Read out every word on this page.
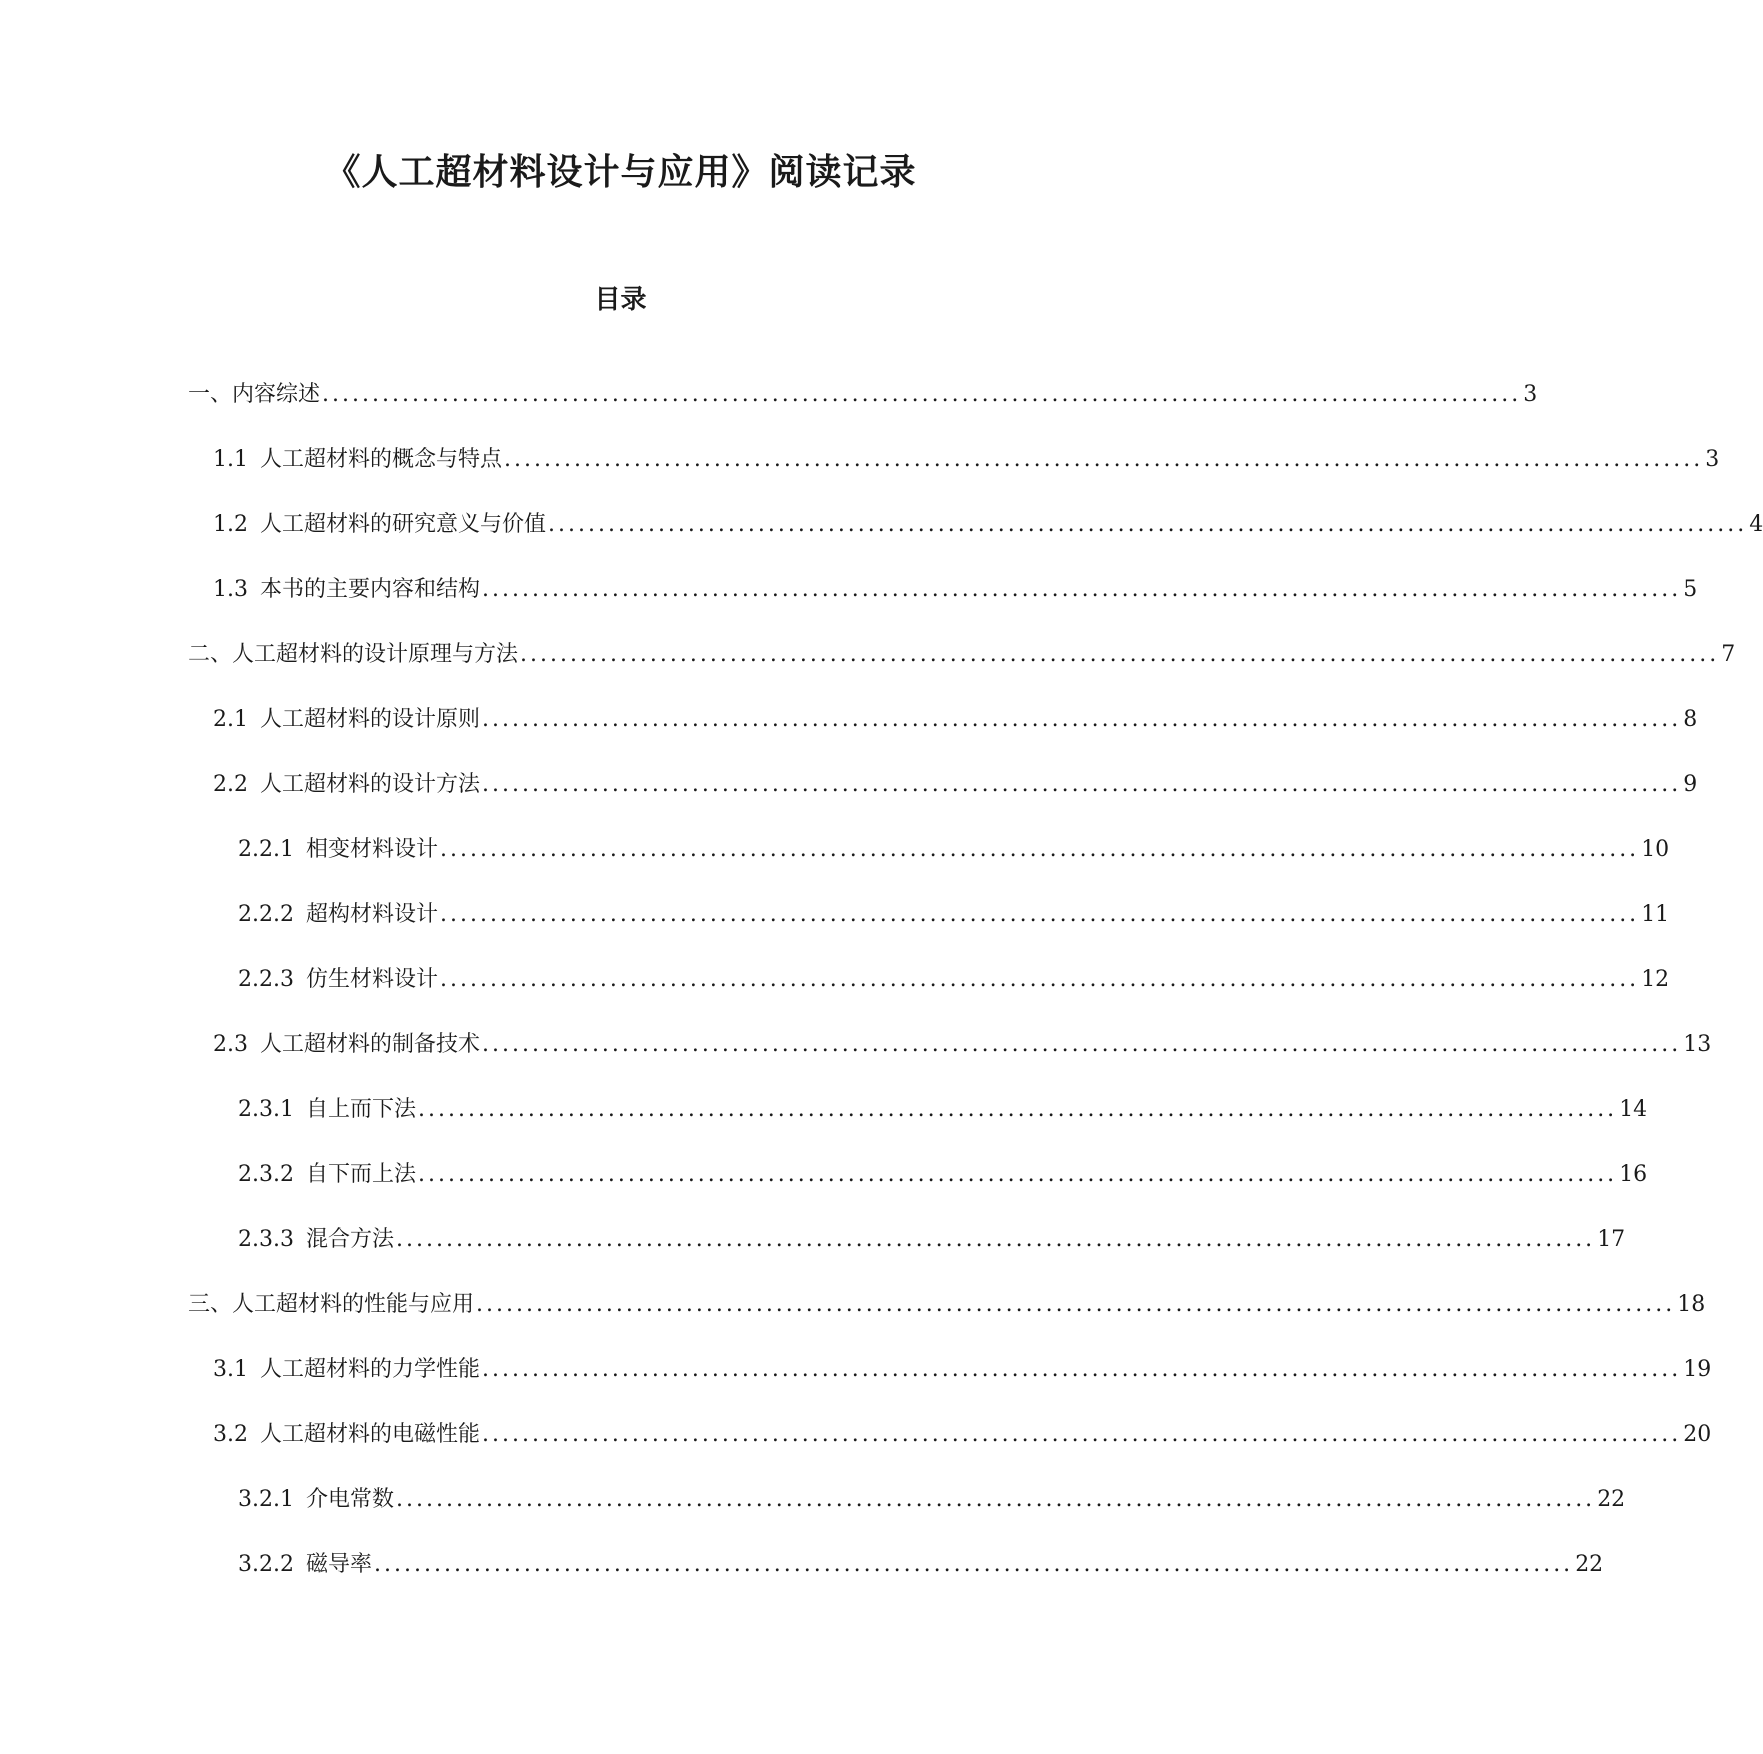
《人工超材料设计与应用》阅读记录
目录
一、内容综述 ........................................................................................................................ 3
1.1 人工超材料的概念与特点 ........................................................................................................................ 3
1.2 人工超材料的研究意义与价值 ........................................................................................................................ 4
1.3 本书的主要内容和结构 ........................................................................................................................ 5
二、人工超材料的设计原理与方法 ........................................................................................................................ 7
2.1 人工超材料的设计原则 ........................................................................................................................ 8
2.2 人工超材料的设计方法 ........................................................................................................................ 9
2.2.1 相变材料设计 ........................................................................................................................ 10
2.2.2 超构材料设计 ........................................................................................................................ 11
2.2.3 仿生材料设计 ........................................................................................................................ 12
2.3 人工超材料的制备技术 ........................................................................................................................ 13
2.3.1 自上而下法 ........................................................................................................................ 14
2.3.2 自下而上法 ........................................................................................................................ 16
2.3.3 混合方法 ........................................................................................................................ 17
三、人工超材料的性能与应用 ........................................................................................................................ 18
3.1 人工超材料的力学性能 ........................................................................................................................ 19
3.2 人工超材料的电磁性能 ........................................................................................................................ 20
3.2.1 介电常数 ........................................................................................................................ 22
3.2.2 磁导率 ........................................................................................................................ 22
